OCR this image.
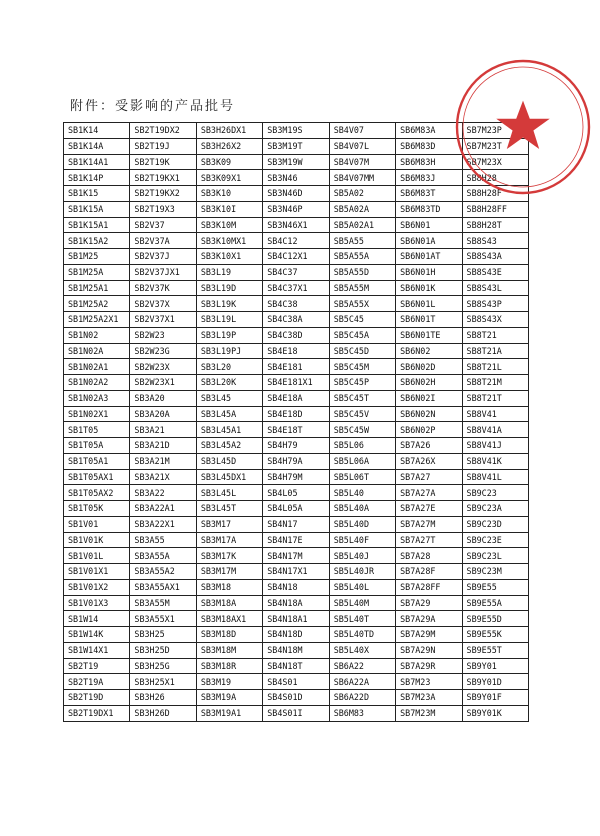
附件：受影响的产品批号
SB1K14	SB2T19DX2	SB3H26DX1	SB3M19S	SB4V07	SB6M83A	SB7M23P
SB1K14A	SB2T19J	SB3H26X2	SB3M19T	SB4V07L	SB6M83D	SB7M23T
SB1K14A1	SB2T19K	SB3K09	SB3M19W	SB4V07M	SB6M83H	SB7M23X
SB1K14P	SB2T19KX1	SB3K09X1	SB3N46	SB4V07MM	SB6M83J	SB8H28
SB1K15	SB2T19KX2	SB3K10	SB3N46D	SB5A02	SB6M83T	SB8H28F
SB1K15A	SB2T19X3	SB3K10I	SB3N46P	SB5A02A	SB6M83TD	SB8H28FF
SB1K15A1	SB2V37	SB3K10M	SB3N46X1	SB5A02A1	SB6N01	SB8H28T
SB1K15A2	SB2V37A	SB3K10MX1	SB4C12	SB5A55	SB6N01A	SB8S43
SB1M25	SB2V37J	SB3K10X1	SB4C12X1	SB5A55A	SB6N01AT	SB8S43A
SB1M25A	SB2V37JX1	SB3L19	SB4C37	SB5A55D	SB6N01H	SB8S43E
SB1M25A1	SB2V37K	SB3L19D	SB4C37X1	SB5A55M	SB6N01K	SB8S43L
SB1M25A2	SB2V37X	SB3L19K	SB4C38	SB5A55X	SB6N01L	SB8S43P
SB1M25A2X1	SB2V37X1	SB3L19L	SB4C38A	SB5C45	SB6N01T	SB8S43X
SB1N02	SB2W23	SB3L19P	SB4C38D	SB5C45A	SB6N01TE	SB8T21
SB1N02A	SB2W23G	SB3L19PJ	SB4E18	SB5C45D	SB6N02	SB8T21A
SB1N02A1	SB2W23X	SB3L20	SB4E181	SB5C45M	SB6N02D	SB8T21L
SB1N02A2	SB2W23X1	SB3L20K	SB4E181X1	SB5C45P	SB6N02H	SB8T21M
SB1N02A3	SB3A20	SB3L45	SB4E18A	SB5C45T	SB6N02I	SB8T21T
SB1N02X1	SB3A20A	SB3L45A	SB4E18D	SB5C45V	SB6N02N	SB8V41
SB1T05	SB3A21	SB3L45A1	SB4E18T	SB5C45W	SB6N02P	SB8V41A
SB1T05A	SB3A21D	SB3L45A2	SB4H79	SB5L06	SB7A26	SB8V41J
SB1T05A1	SB3A21M	SB3L45D	SB4H79A	SB5L06A	SB7A26X	SB8V41K
SB1T05AX1	SB3A21X	SB3L45DX1	SB4H79M	SB5L06T	SB7A27	SB8V41L
SB1T05AX2	SB3A22	SB3L45L	SB4L05	SB5L40	SB7A27A	SB9C23
SB1T05K	SB3A22A1	SB3L45T	SB4L05A	SB5L40A	SB7A27E	SB9C23A
SB1V01	SB3A22X1	SB3M17	SB4N17	SB5L40D	SB7A27M	SB9C23D
SB1V01K	SB3A55	SB3M17A	SB4N17E	SB5L40F	SB7A27T	SB9C23E
SB1V01L	SB3A55A	SB3M17K	SB4N17M	SB5L40J	SB7A28	SB9C23L
SB1V01X1	SB3A55A2	SB3M17M	SB4N17X1	SB5L40JR	SB7A28F	SB9C23M
SB1V01X2	SB3A55AX1	SB3M18	SB4N18	SB5L40L	SB7A28FF	SB9E55
SB1V01X3	SB3A55M	SB3M18A	SB4N18A	SB5L40M	SB7A29	SB9E55A
SB1W14	SB3A55X1	SB3M18AX1	SB4N18A1	SB5L40T	SB7A29A	SB9E55D
SB1W14K	SB3H25	SB3M18D	SB4N18D	SB5L40TD	SB7A29M	SB9E55K
SB1W14X1	SB3H25D	SB3M18M	SB4N18M	SB5L40X	SB7A29N	SB9E55T
SB2T19	SB3H25G	SB3M18R	SB4N18T	SB6A22	SB7A29R	SB9Y01
SB2T19A	SB3H25X1	SB3M19	SB4S01	SB6A22A	SB7M23	SB9Y01D
SB2T19D	SB3H26	SB3M19A	SB4S01D	SB6A22D	SB7M23A	SB9Y01F
SB2T19DX1	SB3H26D	SB3M19A1	SB4S01I	SB6M83	SB7M23M	SB9Y01K
